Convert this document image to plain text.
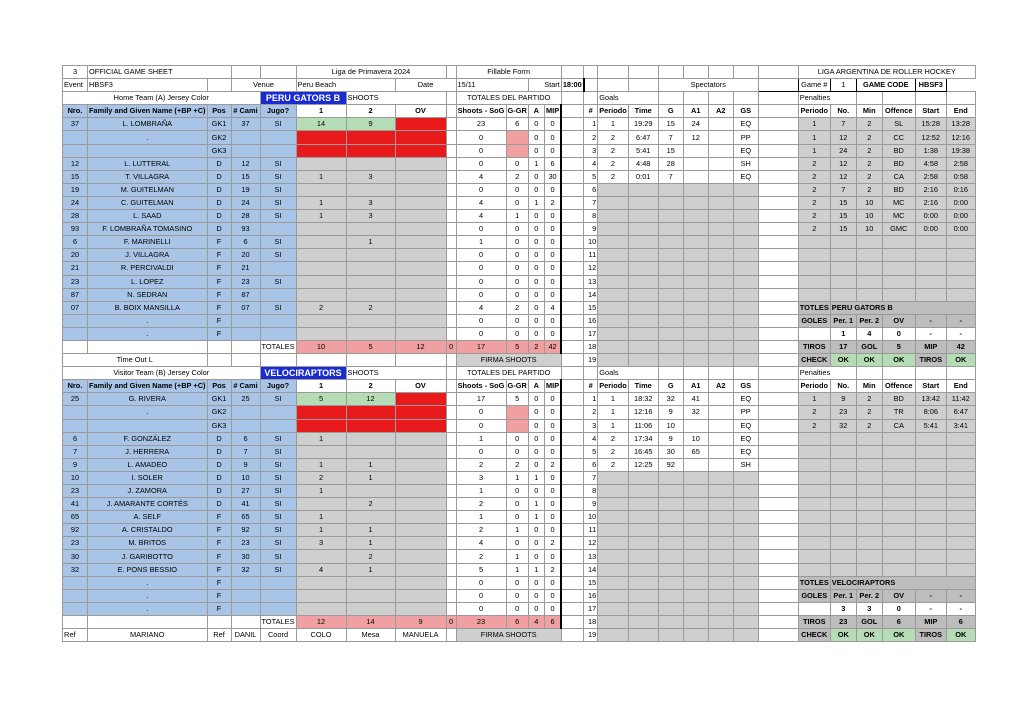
3	OFFICIAL GAME SHEET				Liga de Primavera 2024				Fillable Form													LIGA ARGENTINA DE ROLLER HOCKEY					
Event	HBSF3		Venue		Peru Beach		Date		15/11		Start		18:00				Spectators					Game #	1	GAME CODE		HBSF3	
Home Team (A) Jersey Color				PERU GATORS B		SHOOTS			TOTALES DEL PARTIDO						Goals							Penalties					
Nro.	Family and Given Name (+BP +C)	Pos	# Cami	Jugo?	1	2	OV		Shoots - SoG	G-GR	A	MIP		#	Periodo	Time	G	A1	A2	GS		Periodo	No.	Min	Offence	Start	End
37	L. LOMBRAÑA	GK1	37	SI	14	9			23	6	0	0		1	1	19:29	15	24		EQ		1	7	2	SL	15:28	13:28
	.	GK2							0		0	0		2	2	6:47	7	12		PP		1	12	2	CC	12:52	12:16
		GK3							0		0	0		3	2	5:41	15			EQ		1	24	2	BD	1:38	19:38
12	L. LUTTERAL	D	12	SI					0	0	1	6		4	2	4:48	28			SH		2	12	2	BD	4:58	2:58
15	T. VILLAGRA	D	15	SI	1	3			4	2	0	30		5	2	0:01	7			EQ		2	12	2	CA	2:58	0:58
19	M. GUITELMAN	D	19	SI					0	0	0	0		6								2	7	2	BD	2:16	0:16
24	C. GUITELMAN	D	24	SI	1	3			4	0	1	2		7								2	15	10	MC	2:16	0:00
28	L. SAAD	D	28	SI	1	3			4	1	0	0		8								2	15	10	MC	0:00	0:00
93	F. LOMBRAÑA TOMASINO	D	93						0	0	0	0		9								2	15	10	GMC	0:00	0:00
6	F. MARINELLI	F	6	SI		1			1	0	0	0		10													
20	J. VILLAGRA	F	20	SI					0	0	0	0		11													
21	R. PERCIVALDI	F	21						0	0	0	0		12													
23	L. LOPEZ	F	23	SI					0	0	0	0		13													
87	N. SEDRAN	F	87						0	0	0	0		14													
07	B. BOIX MANSILLA	F	07	SI	2	2			4	2	0	4		15								TOTLES	PERU GATORS B				
	.	F							0	0	0	0		16								GOLES	Per. 1	Per. 2	OV	-	-
	.	F							0	0	0	0		17									1	4	0	-	-
				TOTALES	10	5	12	0	17	5	2	42		18								TIROS	17	GOL	5	MIP	42
Time Out L									FIRMA SHOOTS					19								CHECK	OK	OK	OK	TIROS	OK
Visitor Team (B) Jersey Color				VELOCIRAPTORS		SHOOTS			TOTALES DEL PARTIDO						Goals							Penalties					
Nro.	Family and Given Name (+BP +C)	Pos	# Cami	Jugo?	1	2	OV		Shoots - SoG	G-GR	A	MIP		#	Periodo	Time	G	A1	A2	GS		Periodo	No.	Min	Offence	Start	End
25	G. RIVERA	GK1	25	SI	5	12			17	5	0	0		1	1	18:32	32	41		EQ		1	9	2	BD	13:42	11:42
	.	GK2							0		0	0		2	1	12:16	9	32		PP		2	23	2	TR	8:06	6:47
		GK3							0		0	0		3	1	11:06	10			EQ		2	32	2	CA	5:41	3:41
6	F. GONZÁLEZ	D	6	SI	1				1	0	0	0		4	2	17:34	9	10		EQ							
7	J. HERRERA	D	7	SI					0	0	0	0		5	2	16:45	30	65		EQ							
9	L. AMADEO	D	9	SI	1	1			2	2	0	2		6	2	12:25	92			SH							
10	I. SOLER	D	10	SI	2	1			3	1	1	0		7													
23	J. ZAMORA	D	27	SI	1				1	0	0	0		8													
41	J. AMARANTE CORTÉS	D	41	SI		2			2	0	1	0		9													
65	A. SELF	F	65	SI	1				1	0	1	0		10													
92	A. CRISTALDO	F	92	SI	1	1			2	1	0	0		11													
23	M. BRITOS	F	23	SI	3	1			4	0	0	2		12													
30	J. GARIBOTTO	F	30	SI		2			2	1	0	0		13													
32	E. PONS BESSIO	F	32	SI	4	1			5	1	1	2		14													
	.	F							0	0	0	0		15								TOTLES	VELOCIRAPTORS				
	.	F							0	0	0	0		16								GOLES	Per. 1	Per. 2	OV	-	-
	.	F							0	0	0	0		17									3	3	0	-	-
				TOTALES	12	14	9	0	23	6	4	6		18								TIROS	23	GOL	6	MIP	6
Ref	MARIANO	Ref	DANIL	Coord	COLO	Mesa	MANUELA		FIRMA SHOOTS					19								CHECK	OK	OK	OK	TIROS	OK
